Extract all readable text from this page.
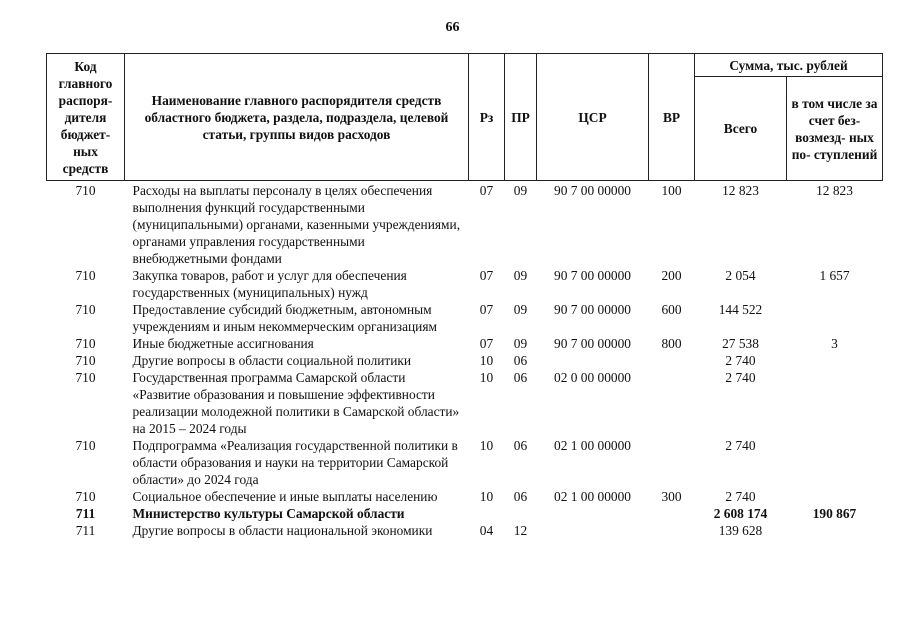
66
Код главного распоря- дителя бюджет- ных средств	Наименование главного распорядителя средств областного бюджета, раздела, подраздела, целевой статьи, группы видов расходов	Рз	ПР	ЦСР	ВР	Сумма, тыс. рублей	
						Всего	в том числе за счет без- возмезд- ных по- ступлений
710	Расходы на выплаты персоналу в целях обеспечения выполнения функций государственными (муниципальными) органами, казенными учреждениями, органами управления государственными внебюджетными фондами	07	09	90 7 00 00000	100	12 823	12 823
710	Закупка товаров, работ и услуг для обеспечения государственных (муниципальных) нужд	07	09	90 7 00 00000	200	2 054	1 657
710	Предоставление субсидий бюджетным, автономным учреждениям и иным некоммерческим организациям	07	09	90 7 00 00000	600	144 522	
710	Иные бюджетные ассигнования	07	09	90 7 00 00000	800	27 538	3
710	Другие вопросы в области социальной политики	10	06			2 740	
710	Государственная программа Самарской области «Развитие образования и повышение эффективности реализации молодежной политики в Самарской области» на 2015 – 2024 годы	10	06	02 0 00 00000		2 740	
710	Подпрограмма «Реализация государственной политики в области образования и науки на территории Самарской области» до 2024 года	10	06	02 1 00 00000		2 740	
710	Социальное обеспечение и иные выплаты населению	10	06	02 1 00 00000	300	2 740	
711	Министерство культуры Самарской области					2 608 174	190 867
711	Другие вопросы в области национальной экономики	04	12			139 628	
